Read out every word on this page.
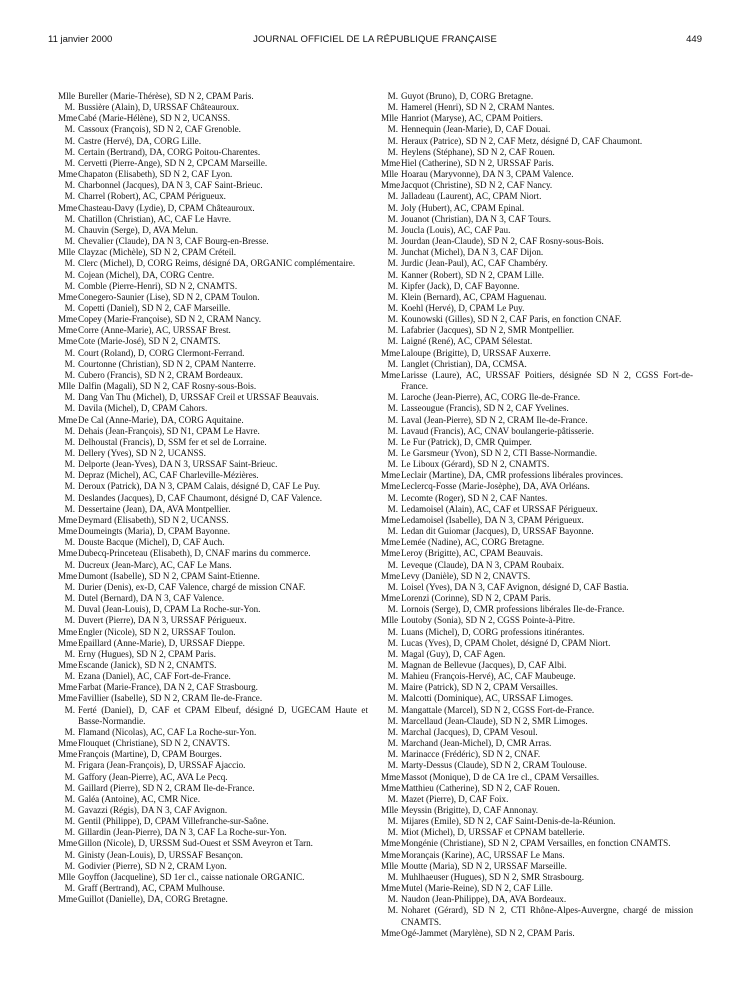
11 janvier 2000	JOURNAL OFFICIEL DE LA RÉPUBLIQUE FRANÇAISE	449
Mlle Bureller (Marie-Thérèse), SD N 2, CPAM Paris.
M. Bussière (Alain), D, URSSAF Châteauroux.
MmeCabé (Marie-Hélène), SD N 2, UCANSS.
M. Cassoux (François), SD N 2, CAF Grenoble.
M. Castre (Hervé), DA, CORG Lille.
M. Certain (Bertrand), DA, CORG Poitou-Charentes.
M. Cervetti (Pierre-Ange), SD N 2, CPCAM Marseille.
MmeChapaton (Elisabeth), SD N 2, CAF Lyon.
M. Charbonnel (Jacques), DA N 3, CAF Saint-Brieuc.
M. Charrel (Robert), AC, CPAM Périgueux.
MmeChasteau-Davy (Lydie), D, CPAM Châteauroux.
M. Chatillon (Christian), AC, CAF Le Havre.
M. Chauvin (Serge), D, AVA Melun.
M. Chevalier (Claude), DA N 3, CAF Bourg-en-Bresse.
Mlle Clayzac (Michèle), SD N 2, CPAM Créteil.
M. Clerc (Michel), D, CORG Reims, désigné DA, ORGANIC complémentaire.
M. Cojean (Michel), DA, CORG Centre.
M. Comble (Pierre-Henri), SD N 2, CNAMTS.
MmeConegero-Saunier (Lise), SD N 2, CPAM Toulon.
M. Copetti (Daniel), SD N 2, CAF Marseille.
MmeCopey (Marie-Françoise), SD N 2, CRAM Nancy.
MmeCorre (Anne-Marie), AC, URSSAF Brest.
MmeCote (Marie-José), SD N 2, CNAMTS.
M. Court (Roland), D, CORG Clermont-Ferrand.
M. Courtonne (Christian), SD N 2, CPAM Nanterre.
M. Cubero (Francis), SD N 2, CRAM Bordeaux.
Mlle Dalfin (Magali), SD N 2, CAF Rosny-sous-Bois.
M. Dang Van Thu (Michel), D, URSSAF Creil et URSSAF Beauvais.
M. Davila (Michel), D, CPAM Cahors.
MmeDe Cal (Anne-Marie), DA, CORG Aquitaine.
M. Dehais (Jean-François), SD N1, CPAM Le Havre.
M. Delhoustal (Francis), D, SSM fer et sel de Lorraine.
M. Dellery (Yves), SD N 2, UCANSS.
M. Delporte (Jean-Yves), DA N 3, URSSAF Saint-Brieuc.
M. Depraz (Michel), AC, CAF Charleville-Mézières.
M. Deroux (Patrick), DA N 3, CPAM Calais, désigné D, CAF Le Puy.
M. Deslandes (Jacques), D, CAF Chaumont, désigné D, CAF Valence.
M. Dessertaine (Jean), DA, AVA Montpellier.
MmeDeymard (Elisabeth), SD N 2, UCANSS.
MmeDoumeingts (Maria), D, CPAM Bayonne.
M. Douste Bacque (Michel), D, CAF Auch.
MmeDubecq-Princeteau (Elisabeth), D, CNAF marins du commerce.
M. Ducreux (Jean-Marc), AC, CAF Le Mans.
MmeDumont (Isabelle), SD N 2, CPAM Saint-Etienne.
M. Durier (Denis), ex-D, CAF Valence, chargé de mission CNAF.
M. Dutel (Bernard), DA N 3, CAF Valence.
M. Duval (Jean-Louis), D, CPAM La Roche-sur-Yon.
M. Duvert (Pierre), DA N 3, URSSAF Périgueux.
MmeEngler (Nicole), SD N 2, URSSAF Toulon.
MmeEpaillard (Anne-Marie), D, URSSAF Dieppe.
M. Erny (Hugues), SD N 2, CPAM Paris.
MmeEscande (Janick), SD N 2, CNAMTS.
M. Ezana (Daniel), AC, CAF Fort-de-France.
MmeFarbat (Marie-France), DA N 2, CAF Strasbourg.
MmeFavillier (Isabelle), SD N 2, CRAM Ile-de-France.
M. Ferté (Daniel), D, CAF et CPAM Elbeuf, désigné D, UGECAM Haute et Basse-Normandie.
M. Flamand (Nicolas), AC, CAF La Roche-sur-Yon.
MmeFlouquet (Christiane), SD N 2, CNAVTS.
MmeFrançois (Martine), D, CPAM Bourges.
M. Frigara (Jean-François), D, URSSAF Ajaccio.
M. Gaffory (Jean-Pierre), AC, AVA Le Pecq.
M. Gaillard (Pierre), SD N 2, CRAM Ile-de-France.
M. Galéa (Antoine), AC, CMR Nice.
M. Gavazzi (Régis), DA N 3, CAF Avignon.
M. Gentil (Philippe), D, CPAM Villefranche-sur-Saône.
M. Gillardin (Jean-Pierre), DA N 3, CAF La Roche-sur-Yon.
MmeGillon (Nicole), D, URSSM Sud-Ouest et SSM Aveyron et Tarn.
M. Ginisty (Jean-Louis), D, URSSAF Besançon.
M. Godivier (Pierre), SD N 2, CRAM Lyon.
Mlle Goyffon (Jacqueline), SD 1er cl., caisse nationale ORGANIC.
M. Graff (Bertrand), AC, CPAM Mulhouse.
MmeGuillot (Danielle), DA, CORG Bretagne.
M. Guyot (Bruno), D, CORG Bretagne.
M. Hamerel (Henri), SD N 2, CRAM Nantes.
Mlle Hanriot (Maryse), AC, CPAM Poitiers.
M. Hennequin (Jean-Marie), D, CAF Douai.
M. Heraux (Patrice), SD N 2, CAF Metz, désigné D, CAF Chaumont.
M. Heylens (Stéphane), SD N 2, CAF Rouen.
MmeHiel (Catherine), SD N 2, URSSAF Paris.
Mlle Hoarau (Maryvonne), DA N 3, CPAM Valence.
MmeJacquot (Christine), SD N 2, CAF Nancy.
M. Jalladeau (Laurent), AC, CPAM Niort.
M. Joly (Hubert), AC, CPAM Epinal.
M. Jouanot (Christian), DA N 3, CAF Tours.
M. Joucla (Louis), AC, CAF Pau.
M. Jourdan (Jean-Claude), SD N 2, CAF Rosny-sous-Bois.
M. Junchat (Michel), DA N 3, CAF Dijon.
M. Jurdic (Jean-Paul), AC, CAF Chambéry.
M. Kanner (Robert), SD N 2, CPAM Lille.
M. Kipfer (Jack), D, CAF Bayonne.
M. Klein (Bernard), AC, CPAM Haguenau.
M. Koehl (Hervé), D, CPAM Le Puy.
M. Kounowski (Gilles), SD N 2, CAF Paris, en fonction CNAF.
M. Lafabrier (Jacques), SD N 2, SMR Montpellier.
M. Laigné (René), AC, CPAM Sélestat.
MmeLaloupe (Brigitte), D, URSSAF Auxerre.
M. Langlet (Christian), DA, CCMSA.
MmeLarisse (Laure), AC, URSSAF Poitiers, désignée SD N 2, CGSS Fort-de-France.
M. Laroche (Jean-Pierre), AC, CORG Ile-de-France.
M. Lasseougue (Francis), SD N 2, CAF Yvelines.
M. Laval (Jean-Pierre), SD N 2, CRAM Ile-de-France.
M. Lavaud (Francis), AC, CNAV boulangerie-pâtisserie.
M. Le Fur (Patrick), D, CMR Quimper.
M. Le Garsmeur (Yvon), SD N 2, CTI Basse-Normandie.
M. Le Liboux (Gérard), SD N 2, CNAMTS.
MmeLeclair (Martine), DA, CMR professions libérales provinces.
MmeLeclercq-Fosse (Marie-Josèphe), DA, AVA Orléans.
M. Lecomte (Roger), SD N 2, CAF Nantes.
M. Ledamoisel (Alain), AC, CAF et URSSAF Périgueux.
MmeLedamoisel (Isabelle), DA N 3, CPAM Périgueux.
M. Ledan dit Guiomar (Jacques), D, URSSAF Bayonne.
MmeLemée (Nadine), AC, CORG Bretagne.
MmeLeroy (Brigitte), AC, CPAM Beauvais.
M. Leveque (Claude), DA N 3, CPAM Roubaix.
MmeLevy (Danièle), SD N 2, CNAVTS.
M. Loisel (Yves), DA N 3, CAF Avignon, désigné D, CAF Bastia.
MmeLorenzi (Corinne), SD N 2, CPAM Paris.
M. Lornois (Serge), D, CMR professions libérales Ile-de-France.
Mlle Loutoby (Sonia), SD N 2, CGSS Pointe-à-Pitre.
M. Luans (Michel), D, CORG professions itinérantes.
M. Lucas (Yves), D, CPAM Cholet, désigné D, CPAM Niort.
M. Magal (Guy), D, CAF Agen.
M. Magnan de Bellevue (Jacques), D, CAF Albi.
M. Mahieu (François-Hervé), AC, CAF Maubeuge.
M. Maire (Patrick), SD N 2, CPAM Versailles.
M. Malcotti (Dominique), AC, URSSAF Limoges.
M. Mangattale (Marcel), SD N 2, CGSS Fort-de-France.
M. Marcellaud (Jean-Claude), SD N 2, SMR Limoges.
M. Marchal (Jacques), D, CPAM Vesoul.
M. Marchand (Jean-Michel), D, CMR Arras.
M. Marinacce (Frédéric), SD N 2, CNAF.
M. Marty-Dessus (Claude), SD N 2, CRAM Toulouse.
MmeMassot (Monique), D de CA 1re cl., CPAM Versailles.
MmeMatthieu (Catherine), SD N 2, CAF Rouen.
M. Mazet (Pierre), D, CAF Foix.
Mlle Meyssin (Brigitte), D, CAF Annonay.
M. Mijares (Emile), SD N 2, CAF Saint-Denis-de-la-Réunion.
M. Miot (Michel), D, URSSAF et CPNAM batellerie.
MmeMongénie (Christiane), SD N 2, CPAM Versailles, en fonction CNAMTS.
MmeMorançais (Karine), AC, URSSAF Le Mans.
Mlle Moutte (Maria), SD N 2, URSSAF Marseille.
M. Muhlhaeuser (Hugues), SD N 2, SMR Strasbourg.
MmeMutel (Marie-Reine), SD N 2, CAF Lille.
M. Naudon (Jean-Philippe), DA, AVA Bordeaux.
M. Noharet (Gérard), SD N 2, CTI Rhône-Alpes-Auvergne, chargé de mission CNAMTS.
MmeOgé-Jammet (Marylène), SD N 2, CPAM Paris.
